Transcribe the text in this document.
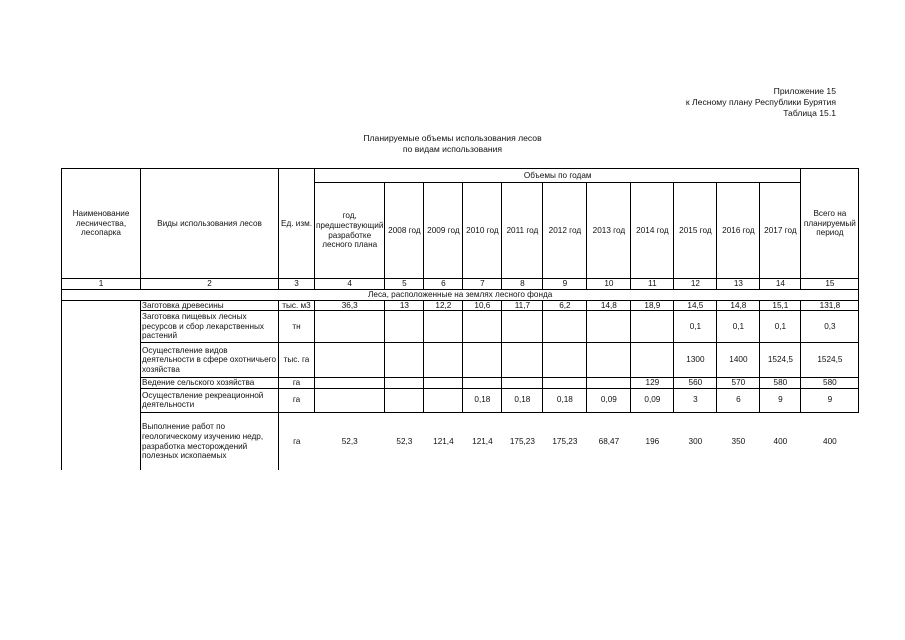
Приложение 15
к Лесному плану Республики Бурятия
Таблица 15.1
Планируемые объемы использования лесов
по видам использования
Наименование лесничества, лесопарка	Виды использования лесов	Ед. изм.	Объемы по годам											Всего на планируемый период
			год, предшествующий разработке лесного плана	2008 год	2009 год	2010 год	2011 год	2012 год	2013 год	2014 год	2015 год	2016 год	2017 год	
1	2	3	4	5	6	7	8	9	10	11	12	13	14	15
Леса, расположенные на землях лесного фонда														
	Заготовка древесины	тыс. м3	36,3	13	12,2	10,6	11,7	6,2	14,8	18,9	14,5	14,8	15,1	131,8
	Заготовка пищевых лесных ресурсов и сбор лекарственных растений	тн									0,1	0,1	0,1	0,3
	Осуществление видов деятельности в сфере охотничьего хозяйства	тыс. га									1300	1400	1524,5	1524,5
	Ведение сельского хозяйства	га								129	560	570	580	580
	Осуществление рекреационной деятельности	га				0,18	0,18	0,18	0,09	0,09	3	6	9	9
	Выполнение работ по геологическому изучению недр, разработка месторождений полезных ископаемых	га	52,3	52,3	121,4	121,4	175,23	175,23	68,47	196	300	350	400	400
